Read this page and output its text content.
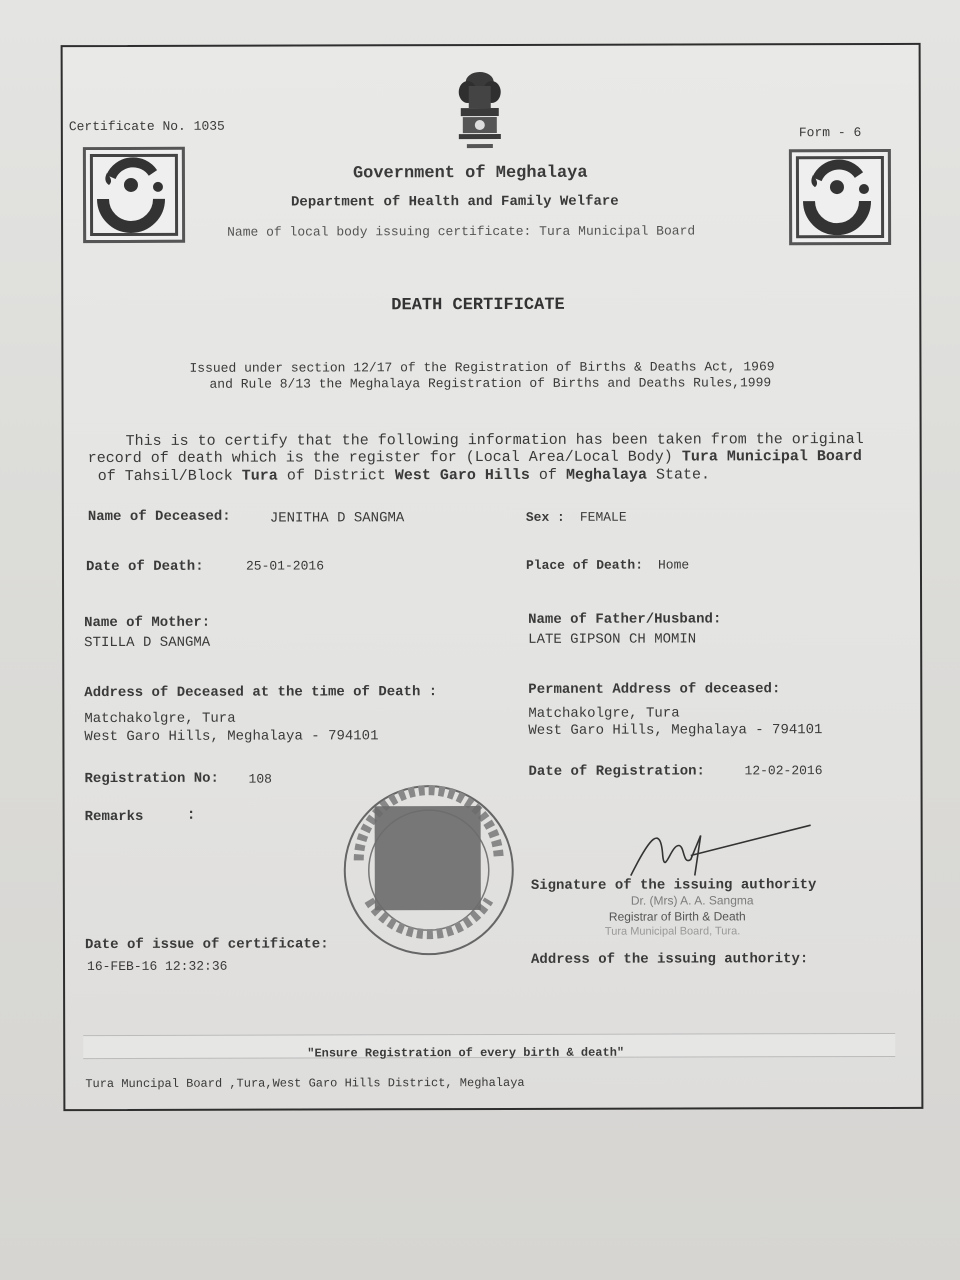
Certificate No. 1035	Form - 6
Government of Meghalaya
Department of Health and Family Welfare
Name of local body issuing certificate: Tura Municipal Board
DEATH CERTIFICATE
Issued under section 12/17 of the Registration of Births & Deaths Act, 1969
and Rule 8/13 the Meghalaya Registration of Births and Deaths Rules,1999
This is to certify that the following information has been taken from the original
record of death which is the register for (Local Area/Local Body) Tura Municipal Board
of Tahsil/Block Tura of District West Garo Hills of Meghalaya State.
Name of Deceased:	JENITHA D SANGMA	Sex : FEMALE
Date of Death:	25-01-2016	Place of Death: Home
Name of Mother:
STILLA D SANGMA
Name of Father/Husband:
LATE GIPSON CH MOMIN
Address of Deceased at the time of Death :
Matchakolgre, Tura
West Garo Hills, Meghalaya - 794101
Permanent Address of deceased:
Matchakolgre, Tura
West Garo Hills, Meghalaya - 794101
Registration No: 108	Date of Registration:	12-02-2016
Remarks	:
Signature of the issuing authority
Dr. (Mrs) A. A. Sangma
Registrar of Birth & Death
Tura Municipal Board, Tura.
Date of issue of certificate:
16-FEB-16 12:32:36	Address of the issuing authority:
"Ensure Registration of every birth & death"
Tura Muncipal Board ,Tura,West Garo Hills District, Meghalaya
